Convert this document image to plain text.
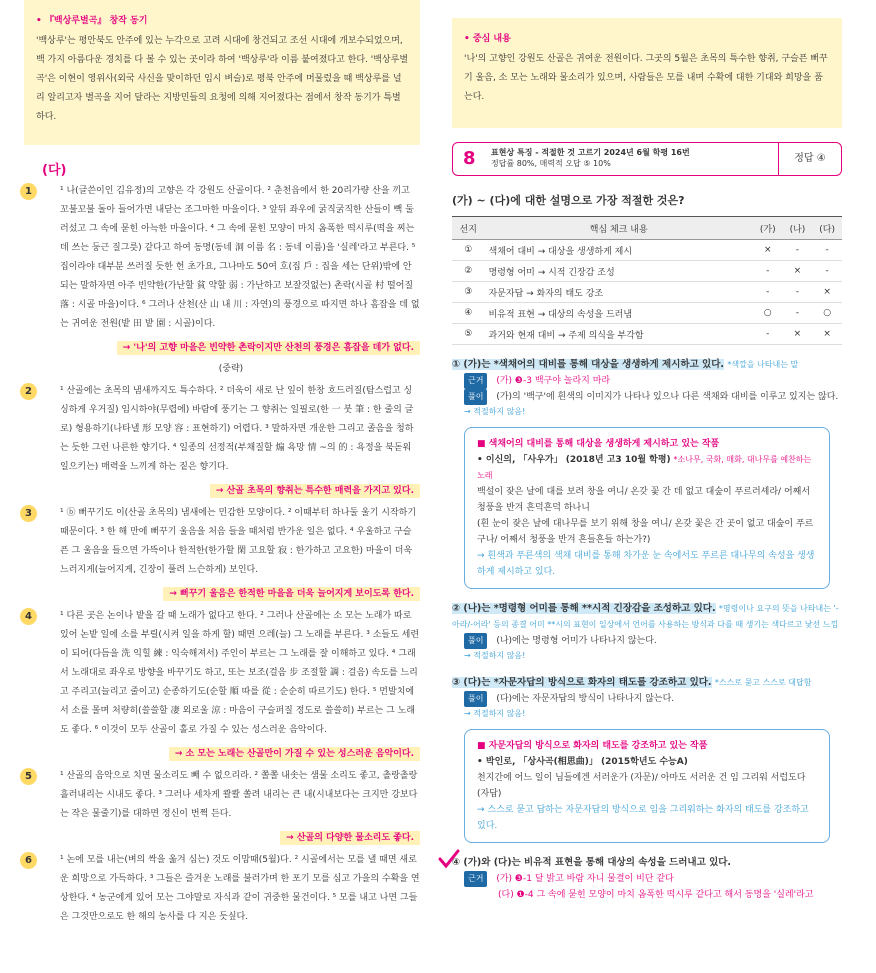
• 『백상루별곡』 창작 동기
'백상루'는 평안북도 안주에 있는 누각으로 고려 시대에 창건되고 조선 시대에 개보수되었으며, 백 가지 아름다운 경치를 다 볼 수 있는 곳이라 하여 '백상루'라 이름 붙여졌다고 한다. '백상루별곡'은 이현이 영위사(외국 사신을 맞이하던 임시 벼슬)로 평북 안주에 머물렀을 때 백상루를 널리 알리고자 별곡을 지어 달라는 지방민들의 요청에 의해 지어졌다는 점에서 창작 동기가 특별하다.
(다)
1	¹ 나(글쓴이인 김유정)의 고향은 각 강원도 산골이다. ² 춘천읍에서 한 20리가량 산을 끼고 꼬불꼬불 돌아 들어가면 내닫는 조그마한 마을이다. ³ 앞뒤 좌우에 굵직굵직한 산들이 빽 둘러섰고 그 속에 묻힌 아늑한 마을이다. ⁴ 그 속에 묻힌 모양이 마치 옴폭한 떡시루(떡을 찌는 데 쓰는 둥근 질그릇) 같다고 하여 동명(동네 洞 이름 名 : 동네 이름)을 '실레'라고 부른다. ⁵ 집이라야 대부분 쓰러질 듯한 헌 초가요, 그나마도 50여 호(집 戶 : 집을 세는 단위)밖에 안 되는 말하자면 아주 빈약한(가난할 貧 약할 弱 : 가난하고 보잘것없는) 촌락(시골 村 떨어질 落 : 시골 마을)이다. ⁶ 그러나 산천(산 山 내 川 : 자연)의 풍경으로 따지면 하나 흠잡을 데 없는 귀여운 전원(밭 田 밭 園 : 시골)이다.
→ '나'의 고향 마을은 빈약한 촌락이지만 산천의 풍경은 흠잡을 데가 없다.
(중략)
2	¹ 산골에는 초목의 냄새까지도 특수하다. ² 더욱이 새로 난 잎이 한창 흐드러질(탐스럽고 싱싱하게 우거질) 임시하야(무렵에) 바람에 풍기는 그 향취는 일필로(한 一 붓 筆 : 한 줄의 글로) 형용하기(나타낼 形 모양 容 : 표현하기) 어렵다. ³ 말하자면 개운한 그리고 졸음을 청하는 듯한 그런 나른한 향기다. ⁴ 일종의 선정적(부채질할 煽 욕망 情 ~의 的 : 욕정을 북돋워 일으키는) 매력을 느끼게 하는 짙은 향기다.
→ 산골 초목의 향취는 특수한 매력을 가지고 있다.
3	¹ ⓑ 뻐꾸기도 이(산골 초목의) 냄새에는 민감한 모양이다. ² 이때부터 하나둘 울기 시작하기 때문이다. ³ 한 해 만에 뻐꾸기 울음을 처음 들을 때처럼 반가운 일은 없다. ⁴ 우울하고 구슬픈 그 울음을 들으면 가뜩이나 한적한(한가할 閑 고요할 寂 : 한가하고 고요한) 마을이 더욱 느러지게(늘어지게, 긴장이 풀려 느슨하게) 보인다.
→ 뻐꾸기 울음은 한적한 마을을 더욱 늘어지게 보이도록 한다.
4	¹ 다른 곳은 논이나 밭을 갈 때 노래가 없다고 한다. ² 그러나 산골에는 소 모는 노래가 따로 있어 논밭 일에 소를 부릴(시켜 일을 하게 할) 때면 으레(늘) 그 노래를 부른다. ³ 소들도 세련이 되어(다듬을 洗 익힐 練 : 익숙해져서) 주인이 부르는 그 노래를 잘 이해하고 있다. ⁴ 그래서 노래대로 좌우로 방향을 바꾸기도 하고, 또는 보조(걸음 步 조절할 調 : 걸음) 속도를 느리고 주리고(늘리고 줄이고) 순종하기도(순할 順 따를 從 : 순순히 따르기도) 한다. ⁵ 먼발치에서 소를 몰며 처량히(쓸쓸할 凄 외로울 涼 : 마음이 구슬퍼질 정도로 쓸쓸히) 부르는 그 노래도 좋다. ⁶ 이것이 모두 산골이 홀로 가질 수 있는 성스러운 음악이다.
→ 소 모는 노래는 산골만이 가질 수 있는 성스러운 음악이다.
5	¹ 산골의 음악으로 치면 물소리도 빼 수 없으리라. ² 쫄쫄 내솟는 샘물 소리도 좋고, 촐랑촐랑 흘러내리는 시내도 좋다. ³ 그러나 세차게 콸콸 쏠려 내리는 큰 내(시내보다는 크지만 강보다는 작은 물줄기)를 대하면 정신이 번쩍 든다.
→ 산골의 다양한 물소리도 좋다.
6	¹ 논에 모를 내는(벼의 싹을 옮겨 심는) 것도 이맘때(5월)다. ² 시골에서는 모를 낼 때면 새로운 희망으로 가득하다. ³ 그들은 즐겨운 노래를 불러가며 한 포기 모를 심고 가을의 수확을 연상한다. ⁴ 농군에게 있어 모는 그야말로 자식과 같이 귀중한 물건이다. ⁵ 모를 내고 나면 그들은 그것만으로도 한 해의 농사를 다 지은 듯싶다.
• 중심 내용
'나'의 고향인 강원도 산골은 귀여운 전원이다. 그곳의 5월은 초목의 특수한 향취, 구슬픈 뻐꾸기 울음, 소 모는 노래와 물소리가 있으며, 사람들은 모를 내며 수확에 대한 기대와 희망을 품는다.
8 표현상 특징 - 적절한 것 고르기 2024년 6월 학평 16번
정답률 80%, 매력적 오답 ⑤ 10%	정답 ④
(가) ~ (다)에 대한 설명으로 가장 적절한 것은?
선지	핵심 체크 내용	(가)	(나)	(다)
①	색채어 대비 → 대상을 생생하게 제시	×	-	-
②	명령형 어미 → 시적 긴장감 조성	-	×	-
③	자문자답 → 화자의 태도 강조	-	-	×
④	비유적 표현 → 대상의 속성을 드러냄	○	-	○
⑤	과거와 현재 대비 → 주제 의식을 부각함	-	×	×
① (가)는 *색채어의 대비를 통해 대상을 생생하게 제시하고 있다. *색깔을 나타내는 말
근거 (가) ❸-3 백구야 놀라지 마라
풀이 (가)의 '백구'에 흰색의 이미지가 나타나 있으나 다른 색채와 대비를 이루고 있지는 않다.
→ 적절하지 않음!
■ 색채어의 대비를 통해 대상을 생생하게 제시하고 있는 작품
• 이신의, 「사우가」 (2018년 고3 10월 학평) *소나무, 국화, 매화, 대나무를 예찬하는 노래
백설이 잦은 날에 대를 보려 창을 여니/ 온갖 꽃 간 데 없고 대숲이 푸르러셰라/ 어째서 청풍을 반겨 흔덕흔덕 하나니
(흰 눈이 잦은 날에 대나무를 보기 위해 창을 여니/ 온갖 꽃은 간 곳이 없고 대숲이 푸르구나/ 어째서 청풍을 반겨 흔들흔들 하는가?)
→ 흰색과 푸른색의 색채 대비를 통해 차가운 눈 속에서도 푸르른 대나무의 속성을 생생하게 제시하고 있다.
② (나)는 *명령형 어미를 통해 **시적 긴장감을 조성하고 있다. *명령이나 요구의 뜻을 나타내는 '-아라/-어라' 등의 종결 어미 **시의 표현이 일상에서 언어를 사용하는 방식과 다를 때 생기는 색다르고 낯선 느낌
풀이 (나)에는 명령형 어미가 나타나지 않는다.
→ 적절하지 않음!
③ (다)는 *자문자답의 방식으로 화자의 태도를 강조하고 있다. *스스로 묻고 스스로 대답함
풀이 (다)에는 자문자답의 방식이 나타나지 않는다.
→ 적절하지 않음!
■ 자문자답의 방식으로 화자의 태도를 강조하고 있는 작품
• 박인로, 「상사곡(相思曲)」 (2015학년도 수능A)
천지간에 어느 일이 님들에겐 서러운가 (자문)/ 아마도 서러운 건 임 그리워 서럽도다 (자답)
→ 스스로 묻고 답하는 자문자답의 방식으로 임을 그리워하는 화자의 태도를 강조하고 있다.
④ (가)와 (다)는 비유적 표현을 통해 대상의 속성을 드러내고 있다.
근거 (가) ❸-1 달 밝고 바람 자니 물결이 비단 같다
(다) ❶-4 그 속에 묻힌 모양이 마치 옴폭한 떡시루 같다고 해서 동명을 '실레'라고
